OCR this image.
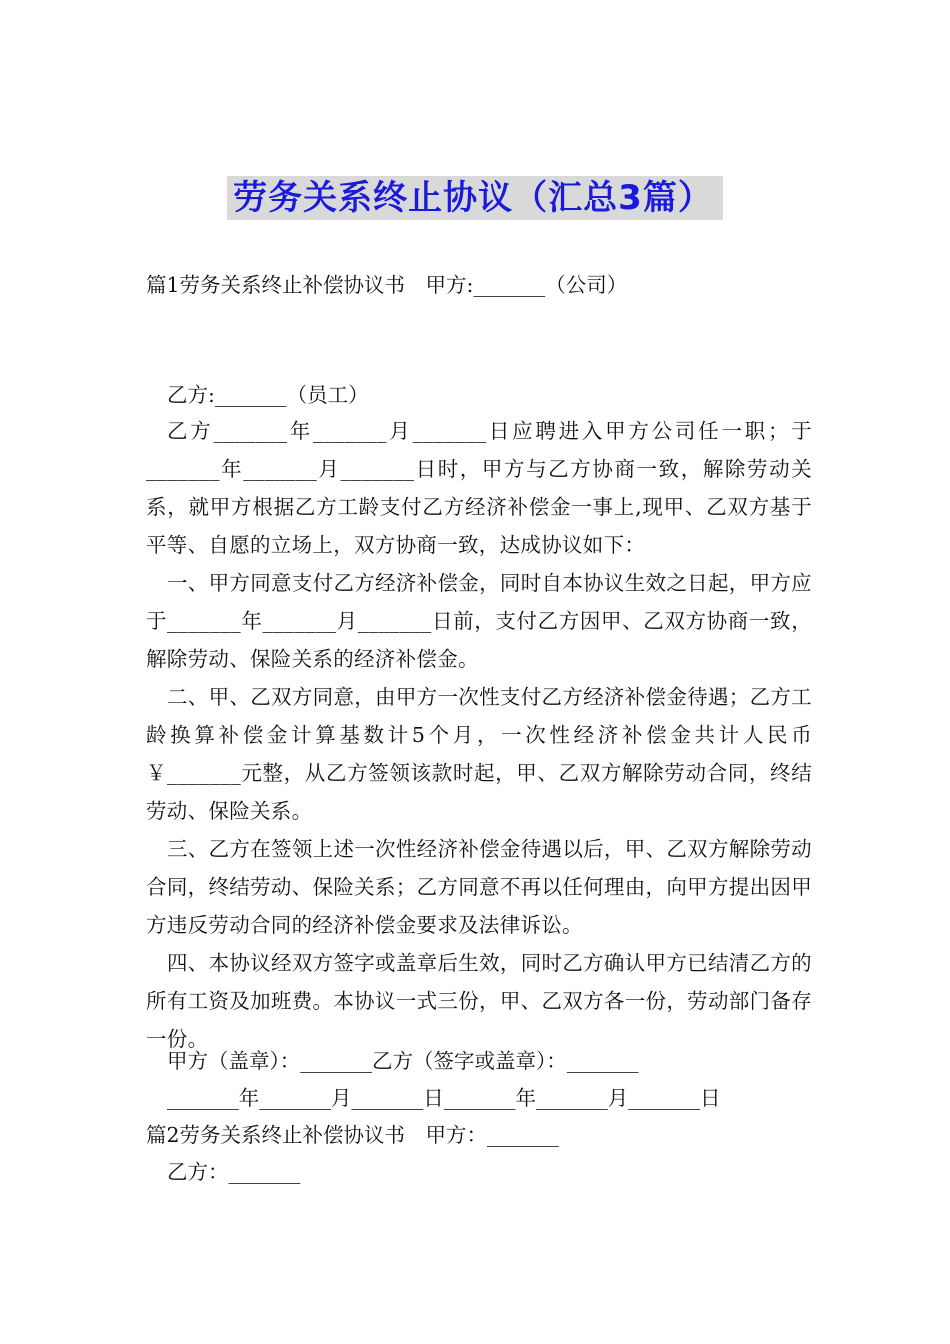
劳务关系终止协议（汇总3篇）
篇1劳务关系终止补偿协议书　甲方:_______（公司）
乙方:_______（员工）

乙方_______年_______月_______日应聘进入甲方公司任一职；于_______年_______月_______日时，甲方与乙方协商一致，解除劳动关系，就甲方根据乙方工龄支付乙方经济补偿金一事上,现甲、乙双方基于平等、自愿的立场上，双方协商一致，达成协议如下：

一、甲方同意支付乙方经济补偿金，同时自本协议生效之日起，甲方应于_______年_______月_______日前，支付乙方因甲、乙双方协商一致，解除劳动、保险关系的经济补偿金。

二、甲、乙双方同意，由甲方一次性支付乙方经济补偿金待遇；乙方工龄换算补偿金计算基数计5个月，一次性经济补偿金共计人民币￥_______元整，从乙方签领该款时起，甲、乙双方解除劳动合同，终结劳动、保险关系。

三、乙方在签领上述一次性经济补偿金待遇以后，甲、乙双方解除劳动合同，终结劳动、保险关系；乙方同意不再以任何理由，向甲方提出因甲方违反劳动合同的经济补偿金要求及法律诉讼。

四、本协议经双方签字或盖章后生效，同时乙方确认甲方已结清乙方的所有工资及加班费。本协议一式三份，甲、乙双方各一份，劳动部门备存一份。

甲方（盖章）：_______乙方（签字或盖章）：_______
_______年_______月_______日_______年_______月_______日
篇2劳务关系终止补偿协议书　甲方：_______
乙方：_______
